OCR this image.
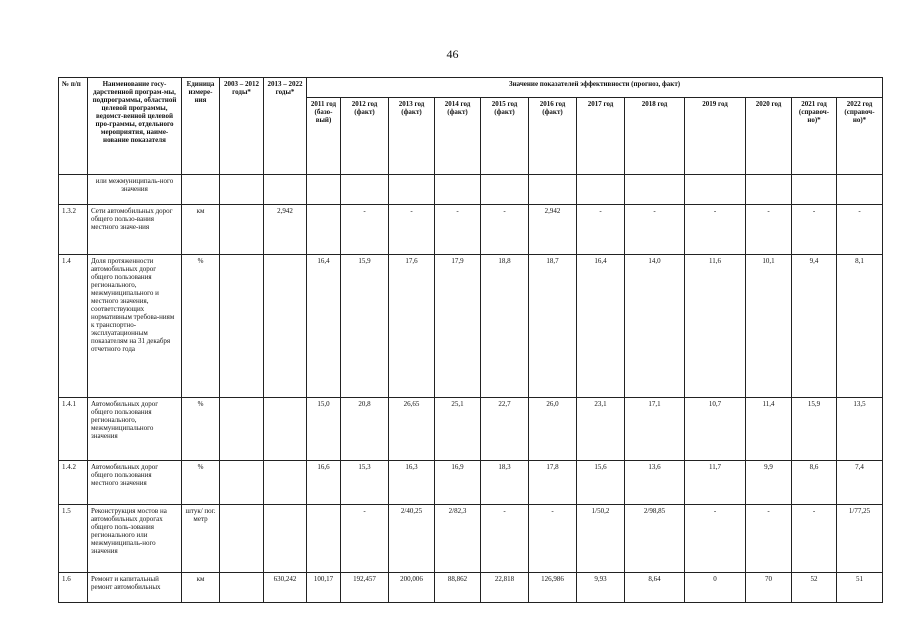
46
№ п/п	Наименование госу-дарственной програм-мы, подпрограммы, областной целевой программы, ведомст-венной целевой про-граммы, отдельного мероприятия, наиме-нование показателя	Единица измере-ния	2003 – 2012 годы*	2013 – 2022 годы*	Значение показателей эффективности (прогноз, факт)											
					2011 год (базо-вый)	2012 год (факт)	2013 год (факт)	2014 год (факт)	2015 год (факт)	2016 год (факт)	2017 год	2018 год	2019 год	2020 год	2021 год (справоч-но)*	2022 год (справоч-но)*
	или межмуниципаль-ного значения															
1.3.2	Сети автомобильных дорог общего пользо-вания местного значе-ния	км		2,942		-	-	-	-	2,942	-	-	-	-	-	-
1.4	Доля протяженности автомобильных дорог общего пользования регионального, межмуниципального и местного значения, соответствующих нормативным требова-ниям к транспортно-эксплуатационным показателям на 31 декабря отчетного года	%			16,4	15,9	17,6	17,9	18,8	18,7	16,4	14,0	11,6	10,1	9,4	8,1
1.4.1	Автомобильных дорог общего пользования регионального, межмуниципального значения	%			15,0	20,8	26,65	25,1	22,7	26,0	23,1	17,1	10,7	11,4	15,9	13,5
1.4.2	Автомобильных дорог общего пользования местного значения	%			16,6	15,3	16,3	16,9	18,3	17,8	15,6	13,6	11,7	9,9	8,6	7,4
1.5	Реконструкция мостов на автомобильных дорогах общего поль-зования регионального или межмуниципаль-ного значения	штук/ пог. метр				-	2/40,25	2/82,3	-	-	1/50,2	2/98,85	-	-	-	1/77,25
1.6	Ремонт и капитальный ремонт автомобильных	км		630,242	100,17	192,457	200,006	88,862	22,818	126,986	9,93	8,64	0	70	52	51
